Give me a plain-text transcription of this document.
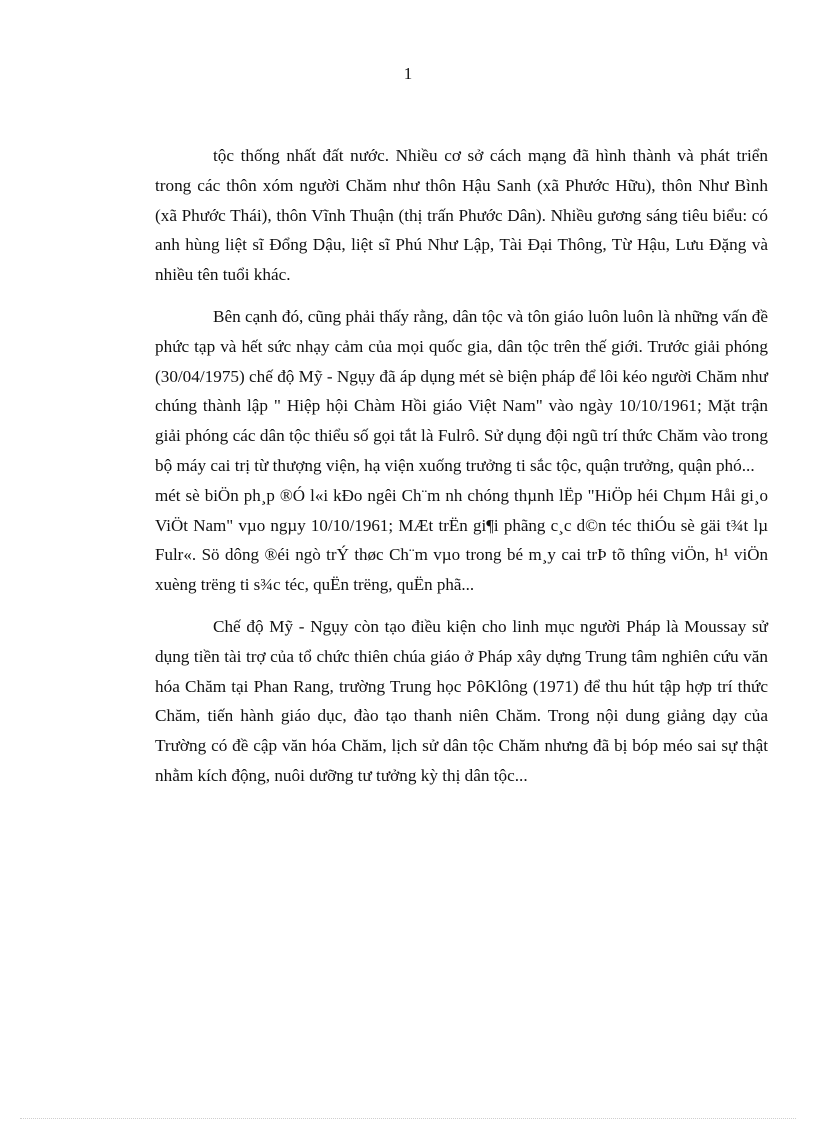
1

tộc thống nhất đất nước. Nhiều cơ sở cách mạng đã hình thành và phát triển trong các thôn xóm người Chăm như thôn Hậu Sanh (xã Phước Hữu), thôn Như Bình (xã Phước Thái), thôn Vĩnh Thuận (thị trấn Phước Dân). Nhiều gương sáng tiêu biểu: có anh hùng liệt sĩ Đổng Dậu, liệt sĩ Phú Như Lập, Tài Đại Thông, Từ Hậu, Lưu Đặng và nhiều tên tuổi khác.

Bên cạnh đó, cũng phải thấy rằng, dân tộc và tôn giáo luôn luôn là những vấn đề phức tạp và hết sức nhạy cảm của mọi quốc gia, dân tộc trên thế giới. Trước giải phóng (30/04/1975) chế độ Mỹ - Ngụy đã áp dụng mét sè biện pháp để lôi kéo người Chăm như chúng thành lập " Hiệp hội Chàm Hồi giáo Việt Nam" vào ngày 10/10/1961; Mặt trận giải phóng các dân tộc thiểu số gọi tắt là Fulrô. Sử dụng đội ngũ trí thức Chăm vào trong bộ máy cai trị từ thượng viện, hạ viện xuống trưởng ti sắc tộc, quận trưởng, quận phó...

mét sè biÖn ph¸p ®Ó l«i kÐo ngêi Ch¨m nh chóng thµnh lËp "HiÖp héi Chµm Håi gi¸o ViÖt Nam" vµo ngµy 10/10/1961; MÆt trËn gi¶i phãng c¸c d©n téc thiÓu sè gäi t¾t lµ Fulr«. Sö dông ®éi ngò trÝ thøc Ch¨m vµo trong bé m¸y cai trÞ tõ thîng viÖn, h¹ viÖn xuèng trëng ti s¾c téc, quËn trëng, quËn phã...

Chế độ Mỹ - Ngụy còn tạo điều kiện cho linh mục người Pháp là Moussay sử dụng tiền tài trợ của tổ chức thiên chúa giáo ở Pháp xây dựng Trung tâm nghiên cứu văn hóa Chăm tại Phan Rang, trường Trung học PôKlông (1971) để thu hút tập hợp trí thức Chăm, tiến hành giáo dục, đào tạo thanh niên Chăm. Trong nội dung giảng dạy của Trường có đề cập văn hóa Chăm, lịch sử dân tộc Chăm nhưng đã bị bóp méo sai sự thật nhằm kích động, nuôi dưỡng tư tưởng kỳ thị dân tộc...
